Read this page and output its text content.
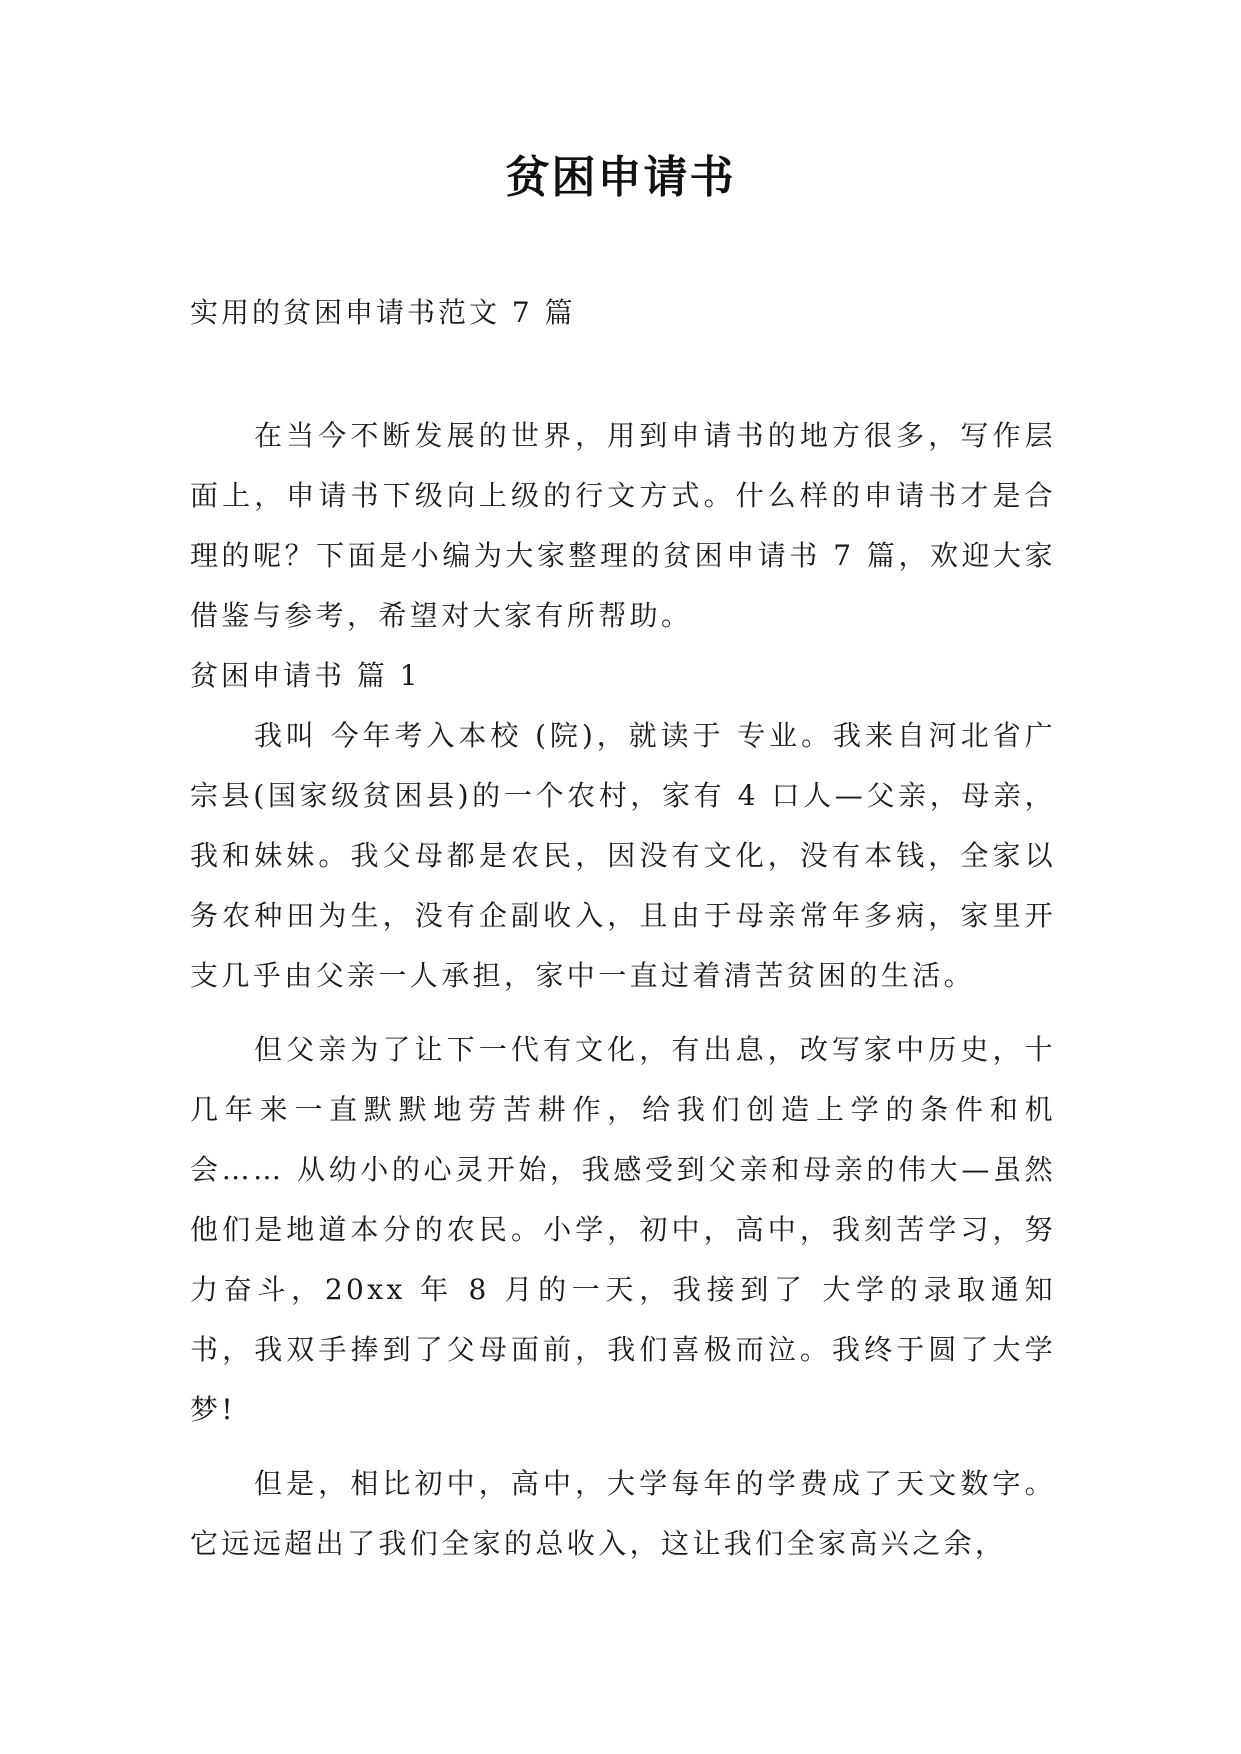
贫困申请书

实用的贫困申请书范文 7 篇

在当今不断发展的世界，用到申请书的地方很多，写作层面上，申请书下级向上级的行文方式。什么样的申请书才是合理的呢？下面是小编为大家整理的贫困申请书 7 篇，欢迎大家借鉴与参考，希望对大家有所帮助。

贫困申请书 篇 1

我叫 今年考入本校 (院)，就读于 专业。我来自河北省广宗县(国家级贫困县)的一个农村，家有 4 口人—父亲，母亲，我和妹妹。我父母都是农民，因没有文化，没有本钱，全家以务农种田为生，没有企副收入，且由于母亲常年多病，家里开支几乎由父亲一人承担，家中一直过着清苦贫困的生活。

但父亲为了让下一代有文化，有出息，改写家中历史，十几年来一直默默地劳苦耕作，给我们创造上学的条件和机会…… 从幼小的心灵开始，我感受到父亲和母亲的伟大—虽然他们是地道本分的农民。小学，初中，高中，我刻苦学习，努力奋斗，20xx 年 8 月的一天，我接到了 大学的录取通知书，我双手捧到了父母面前，我们喜极而泣。我终于圆了大学梦!

但是，相比初中，高中，大学每年的学费成了天文数字。它远远超出了我们全家的总收入，这让我们全家高兴之余，
